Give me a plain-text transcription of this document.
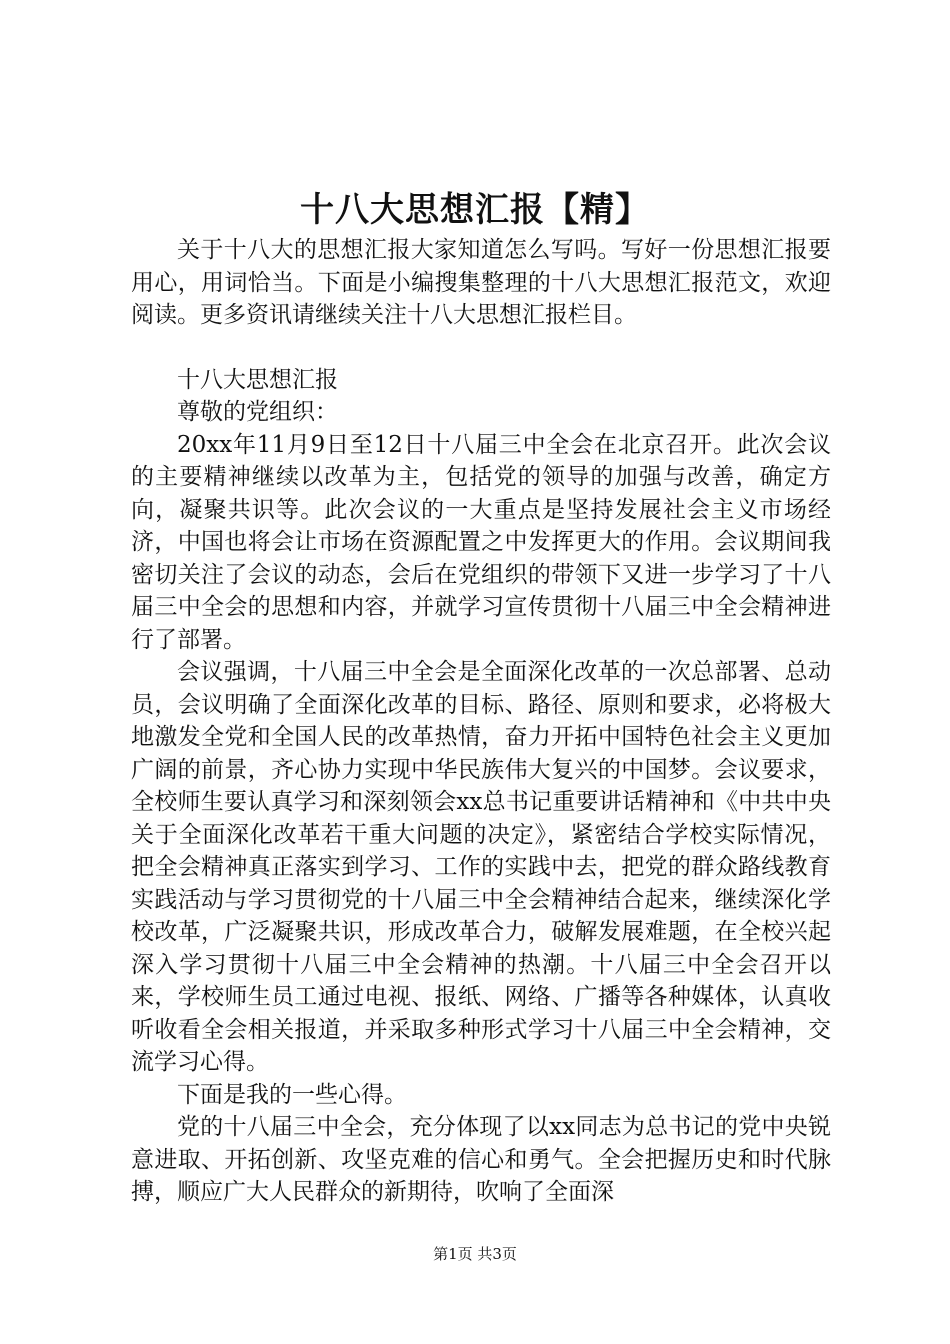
十八大思想汇报【精】

关于十八大的思想汇报大家知道怎么写吗。写好一份思想汇报要用心，用词恰当。下面是小编搜集整理的十八大思想汇报范文，欢迎阅读。更多资讯请继续关注十八大思想汇报栏目。

十八大思想汇报

尊敬的党组织：

20xx年11月9日至12日十八届三中全会在北京召开。此次会议的主要精神继续以改革为主，包括党的领导的加强与改善，确定方向，凝聚共识等。此次会议的一大重点是坚持发展社会主义市场经济，中国也将会让市场在资源配置之中发挥更大的作用。会议期间我密切关注了会议的动态，会后在党组织的带领下又进一步学习了十八届三中全会的思想和内容，并就学习宣传贯彻十八届三中全会精神进行了部署。

会议强调，十八届三中全会是全面深化改革的一次总部署、总动员，会议明确了全面深化改革的目标、路径、原则和要求，必将极大地激发全党和全国人民的改革热情，奋力开拓中国特色社会主义更加广阔的前景，齐心协力实现中华民族伟大复兴的中国梦。会议要求，全校师生要认真学习和深刻领会xx总书记重要讲话精神和《中共中央关于全面深化改革若干重大问题的决定》，紧密结合学校实际情况，把全会精神真正落实到学习、工作的实践中去，把党的群众路线教育实践活动与学习贯彻党的十八届三中全会精神结合起来，继续深化学校改革，广泛凝聚共识，形成改革合力，破解发展难题，在全校兴起深入学习贯彻十八届三中全会精神的热潮。十八届三中全会召开以来，学校师生员工通过电视、报纸、网络、广播等各种媒体，认真收听收看全会相关报道，并采取多种形式学习十八届三中全会精神，交流学习心得。

下面是我的一些心得。

党的十八届三中全会，充分体现了以xx同志为总书记的党中央锐意进取、开拓创新、攻坚克难的信心和勇气。全会把握历史和时代脉搏，顺应广大人民群众的新期待，吹响了全面深

第1页 共3页
